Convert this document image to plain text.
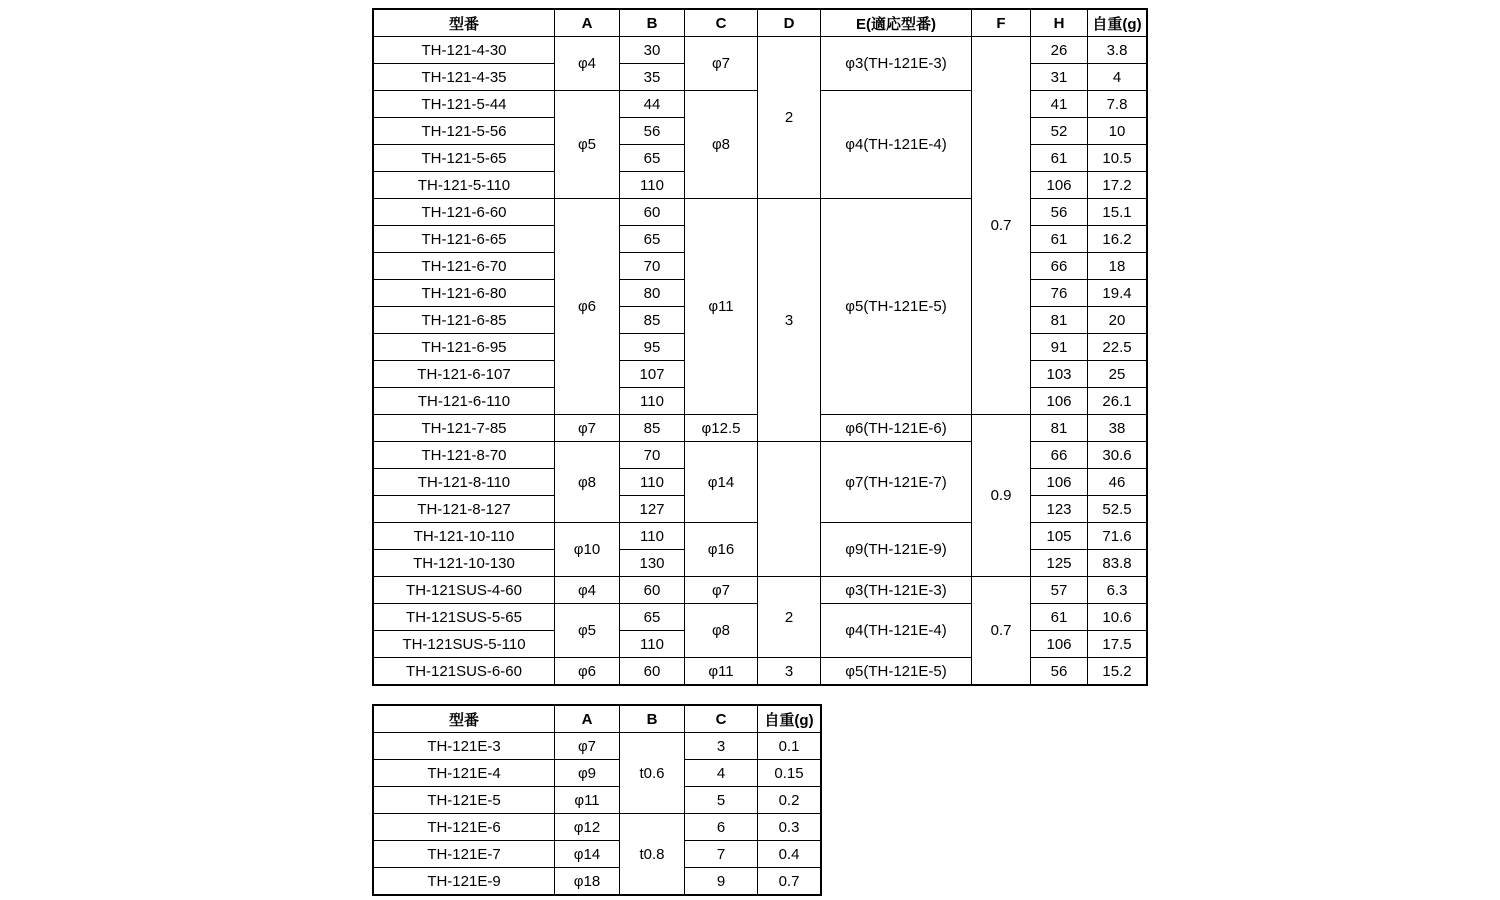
型番	A	B	C	D	E(適応型番)	F	H	自重(g)
TH-121-4-30	φ4	30	φ7	2	φ3(TH-121E-3)	0.7	26	3.8
TH-121-4-35		35					31	4
TH-121-5-44	φ5	44	φ8		φ4(TH-121E-4)		41	7.8
TH-121-5-56		56					52	10
TH-121-5-65		65					61	10.5
TH-121-5-110		110					106	17.2
TH-121-6-60	φ6	60	φ11	3	φ5(TH-121E-5)		56	15.1
TH-121-6-65		65					61	16.2
TH-121-6-70		70					66	18
TH-121-6-80		80					76	19.4
TH-121-6-85		85					81	20
TH-121-6-95		95					91	22.5
TH-121-6-107		107					103	25
TH-121-6-110		110					106	26.1
TH-121-7-85	φ7	85	φ12.5		φ6(TH-121E-6)	0.9	81	38
TH-121-8-70	φ8	70	φ14		φ7(TH-121E-7)		66	30.6
TH-121-8-110		110					106	46
TH-121-8-127		127					123	52.5
TH-121-10-110	φ10	110	φ16		φ9(TH-121E-9)		105	71.6
TH-121-10-130		130					125	83.8
TH-121SUS-4-60	φ4	60	φ7	2	φ3(TH-121E-3)	0.7	57	6.3
TH-121SUS-5-65	φ5	65	φ8		φ4(TH-121E-4)		61	10.6
TH-121SUS-5-110		110					106	17.5
TH-121SUS-6-60	φ6	60	φ11	3	φ5(TH-121E-5)		56	15.2
型番	A	B	C	自重(g)
TH-121E-3	φ7	t0.6	3	0.1
TH-121E-4	φ9		4	0.15
TH-121E-5	φ11		5	0.2
TH-121E-6	φ12	t0.8	6	0.3
TH-121E-7	φ14		7	0.4
TH-121E-9	φ18		9	0.7
